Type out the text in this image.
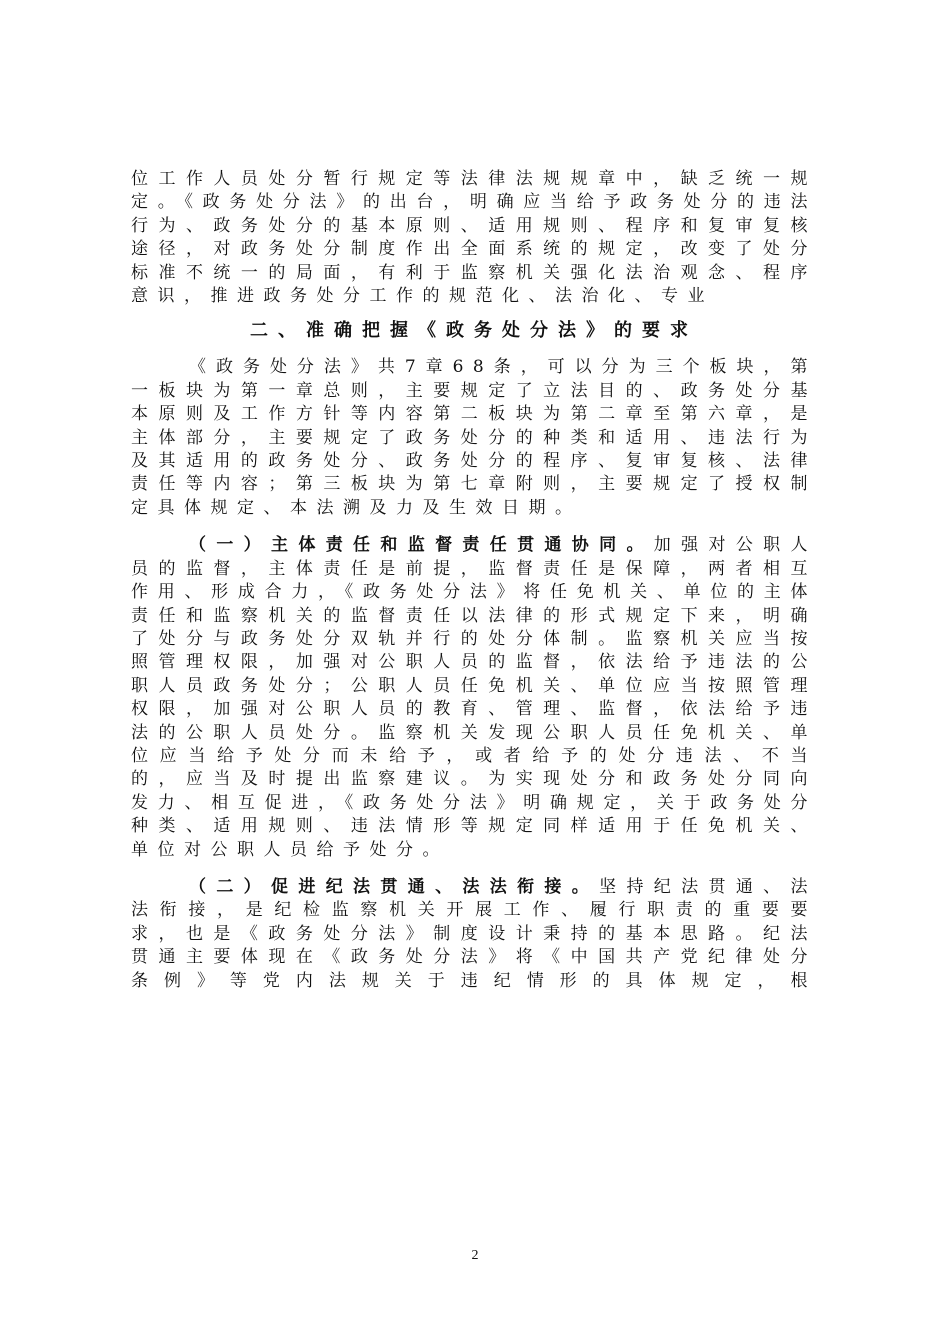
位工作人员处分暂行规定等法律法规规章中，缺乏统一规定。《政务处分法》的出台，明确应当给予政务处分的违法行为、政务处分的基本原则、适用规则、程序和复审复核途径，对政务处分制度作出全面系统的规定，改变了处分标准不统一的局面，有利于监察机关强化法治观念、程序意识，推进政务处分工作的规范化、法治化、专业

二、准确把握《政务处分法》的要求

《政务处分法》共7章68条，可以分为三个板块，第一板块为第一章总则，主要规定了立法目的、政务处分基本原则及工作方针等内容第二板块为第二章至第六章，是主体部分，主要规定了政务处分的种类和适用、违法行为及其适用的政务处分、政务处分的程序、复审复核、法律责任等内容；第三板块为第七章附则，主要规定了授权制定具体规定、本法溯及力及生效日期。

（一）主体责任和监督责任贯通协同。加强对公职人员的监督，主体责任是前提，监督责任是保障，两者相互作用、形成合力，《政务处分法》将任免机关、单位的主体责任和监察机关的监督责任以法律的形式规定下来，明确了处分与政务处分双轨并行的处分体制。监察机关应当按照管理权限，加强对公职人员的监督，依法给予违法的公职人员政务处分；公职人员任免机关、单位应当按照管理权限，加强对公职人员的教育、管理、监督，依法给予违法的公职人员处分。监察机关发现公职人员任免机关、单位应当给予处分而未给予，或者给予的处分违法、不当的，应当及时提出监察建议。为实现处分和政务处分同向发力、相互促进，《政务处分法》明确规定，关于政务处分种类、适用规则、违法情形等规定同样适用于任免机关、单位对公职人员给予处分。

（二）促进纪法贯通、法法衔接。坚持纪法贯通、法法衔接，是纪检监察机关开展工作、履行职责的重要要求，也是《政务处分法》制度设计秉持的基本思路。纪法贯通主要体现在《政务处分法》将《中国共产党纪律处分条例》等党内法规关于违纪情形的具体规定，根

2
